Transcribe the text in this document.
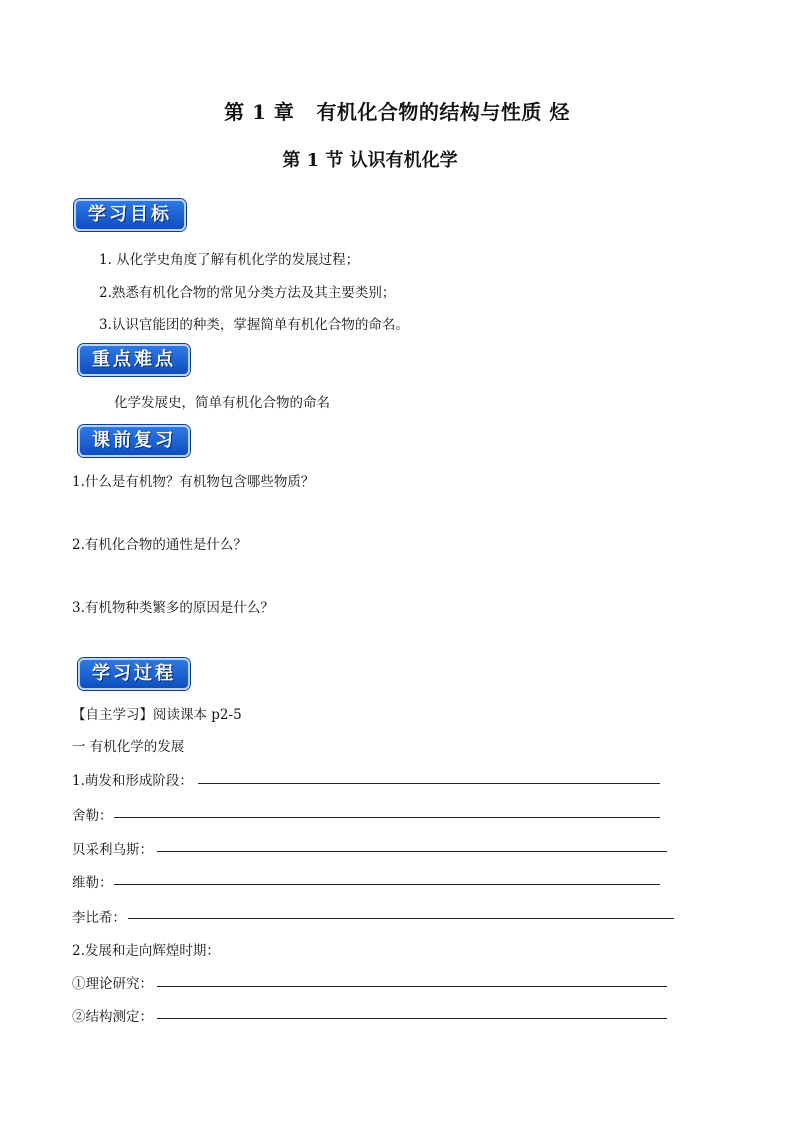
第 1 章 有机化合物的结构与性质 烃
第 1 节 认识有机化学
学习目标
1. 从化学史角度了解有机化学的发展过程；
2.熟悉有机化合物的常见分类方法及其主要类别；
3.认识官能团的种类，掌握简单有机化合物的命名。
重点难点
化学发展史，简单有机化合物的命名
课前复习
1.什么是有机物？有机物包含哪些物质？
2.有机化合物的通性是什么？
3.有机物种类繁多的原因是什么？
学习过程
【自主学习】阅读课本 p2-5
一 有机化学的发展
1.萌发和形成阶段：
舍勒：
贝采利乌斯：
维勒：
李比希：
2.发展和走向辉煌时期：
①理论研究：
②结构测定：
